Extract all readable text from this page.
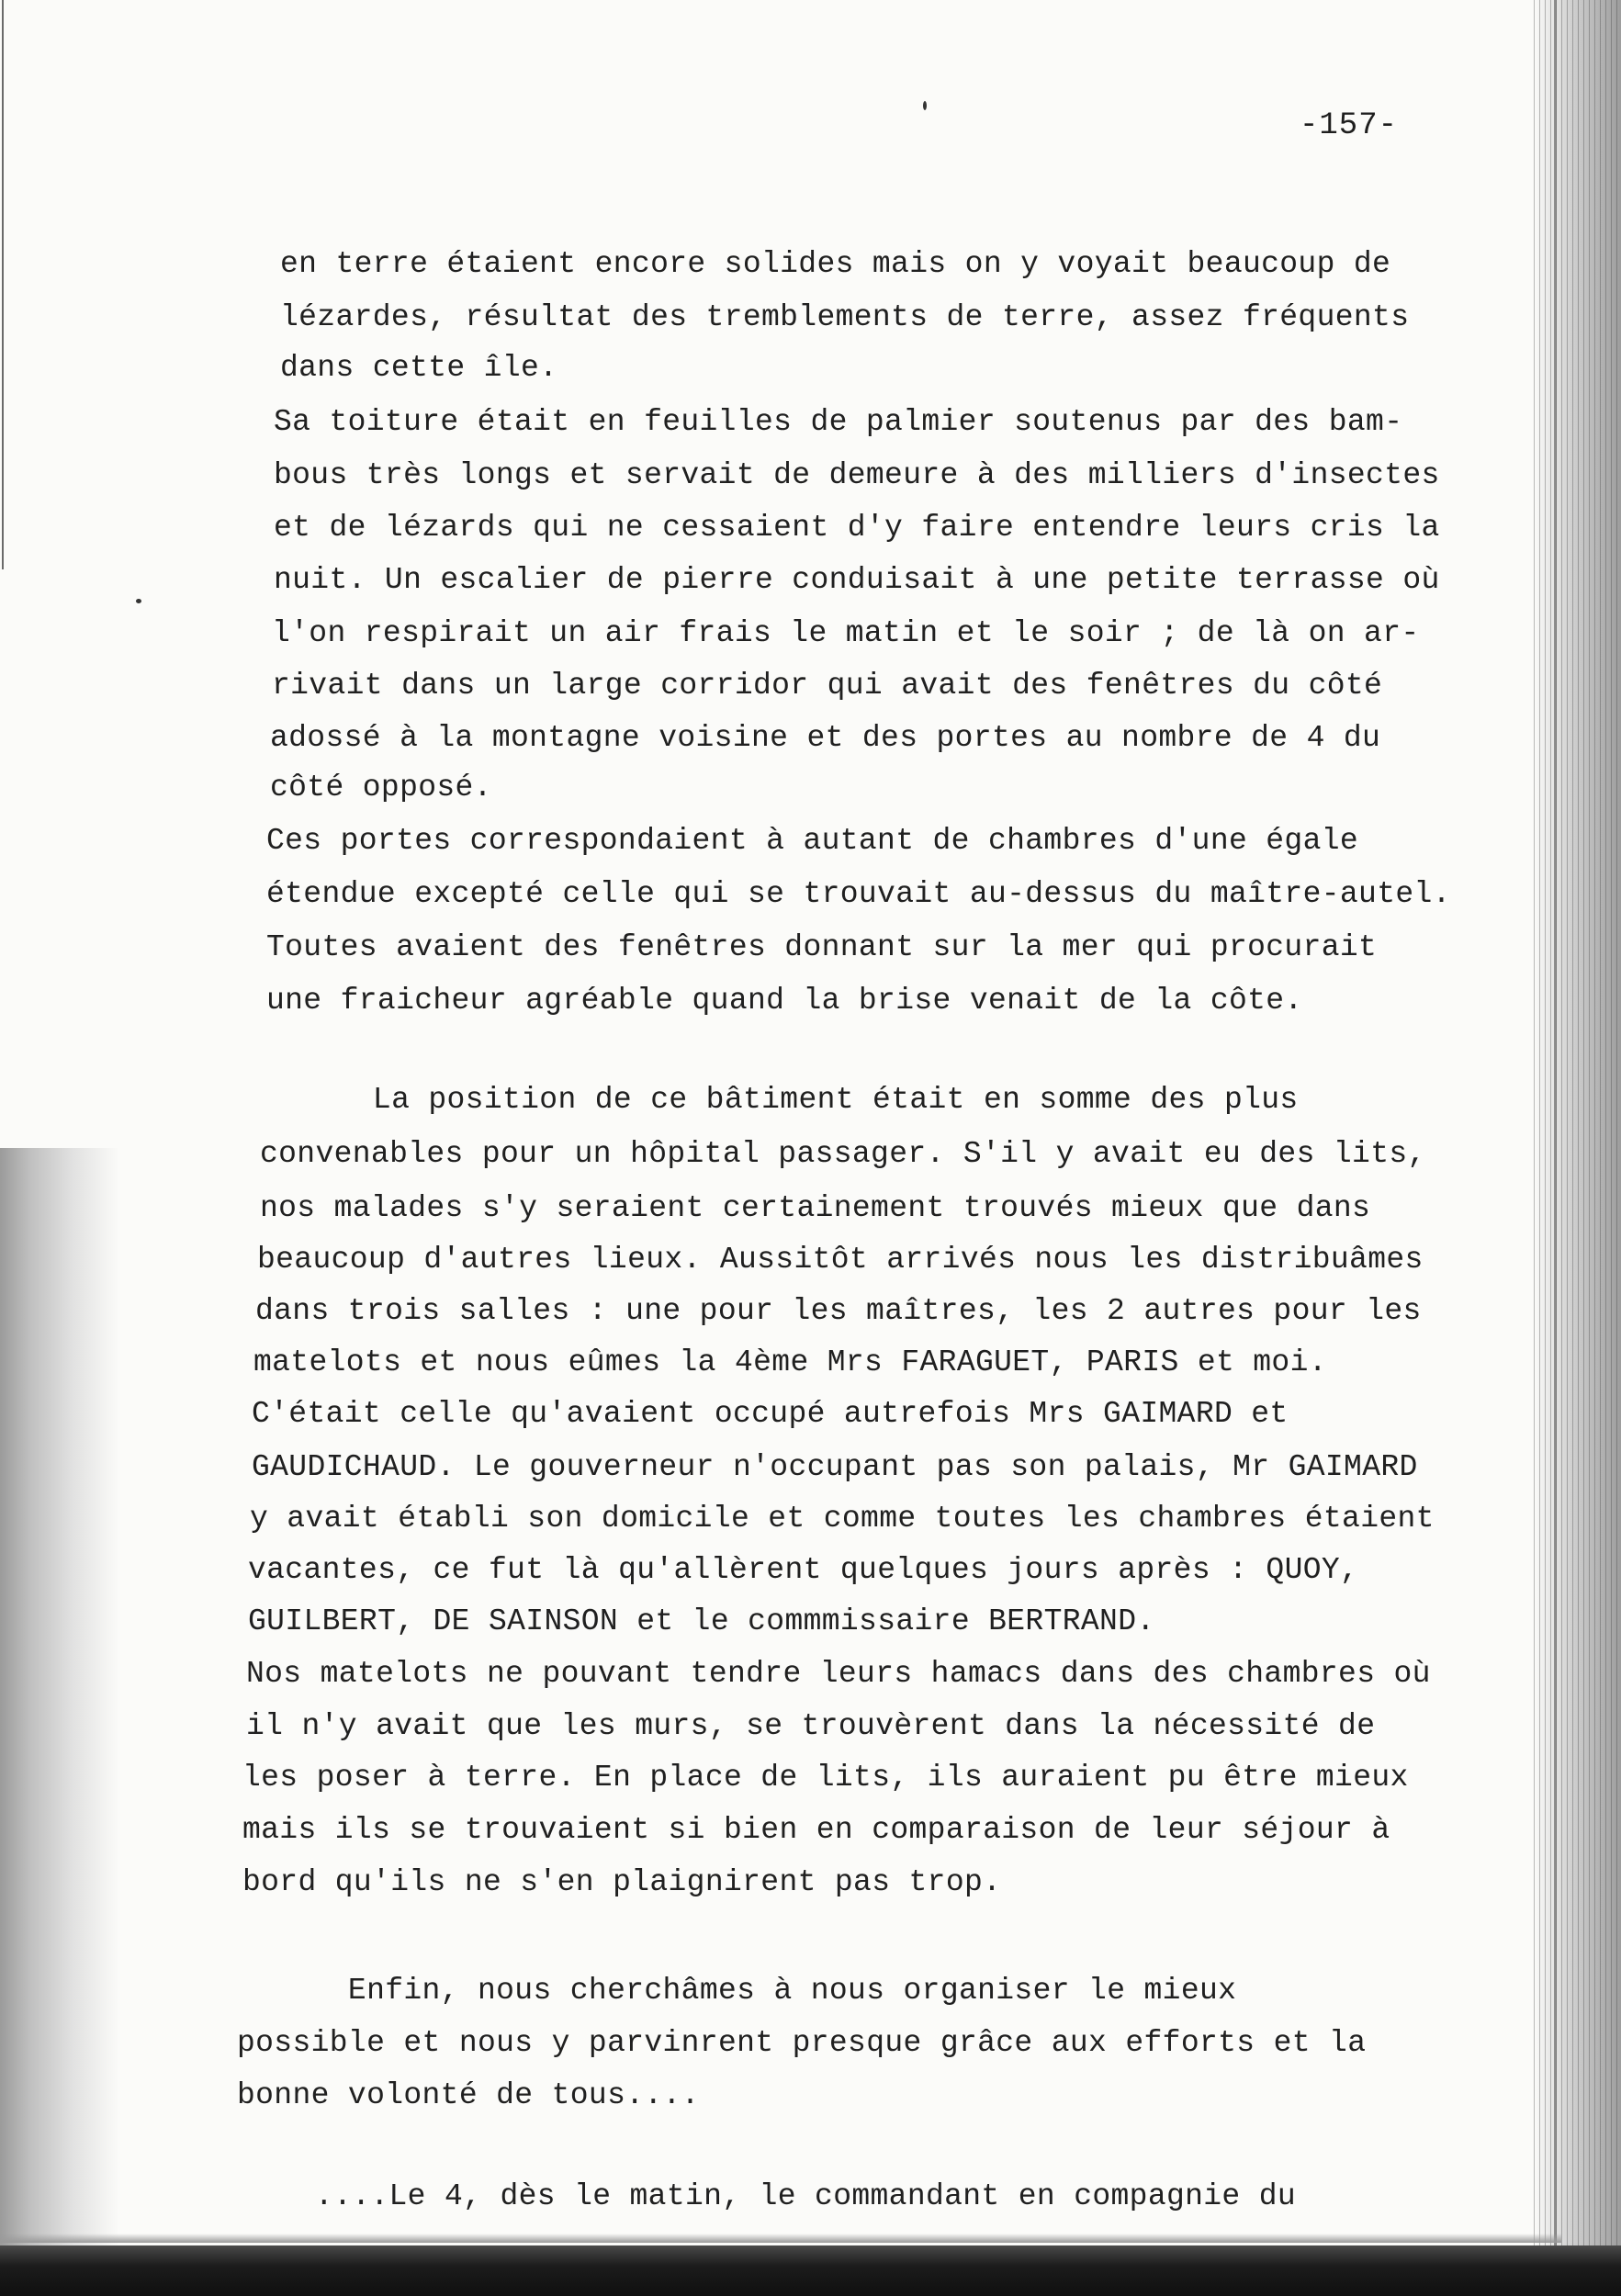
-157-
en terre étaient encore solides mais on y voyait beaucoup de
lézardes, résultat des tremblements de terre, assez fréquents
dans cette île.
Sa toiture était en feuilles de palmier soutenus par des bam-
bous très longs et servait de demeure à des milliers d'insectes
et de lézards qui ne cessaient d'y faire entendre leurs cris la
nuit. Un escalier de pierre conduisait à une petite terrasse où
l'on respirait un air frais le matin et le soir ; de là on ar-
rivait dans un large corridor qui avait des fenêtres du côté
adossé à la montagne voisine et des portes au nombre de 4 du
côté opposé.
Ces portes correspondaient à autant de chambres d'une égale
étendue excepté celle qui se trouvait au-dessus du maître-autel.
Toutes avaient des fenêtres donnant sur la mer qui procurait
une fraicheur agréable quand la brise venait de la côte.
La position de ce bâtiment était en somme des plus
convenables pour un hôpital passager. S'il y avait eu des lits,
nos malades s'y seraient certainement trouvés mieux que dans
beaucoup d'autres lieux. Aussitôt arrivés nous les distribuâmes
dans trois salles : une pour les maîtres, les 2 autres pour les
matelots et nous eûmes la 4ème Mrs FARAGUET, PARIS et moi.
C'était celle qu'avaient occupé autrefois Mrs GAIMARD et
GAUDICHAUD. Le gouverneur n'occupant pas son palais, Mr GAIMARD
y avait établi son domicile et comme toutes les chambres étaient
vacantes, ce fut là qu'allèrent quelques jours après : QUOY,
GUILBERT, DE SAINSON et le commmissaire BERTRAND.
Nos matelots ne pouvant tendre leurs hamacs dans des chambres où
il n'y avait que les murs, se trouvèrent dans la nécessité de
les poser à terre. En place de lits, ils auraient pu être mieux
mais ils se trouvaient si bien en comparaison de leur séjour à
bord qu'ils ne s'en plaignirent pas trop.
Enfin, nous cherchâmes à nous organiser le mieux
possible et nous y parvinrent presque grâce aux efforts et la
bonne volonté de tous....
....Le 4, dès le matin, le commandant en compagnie du
